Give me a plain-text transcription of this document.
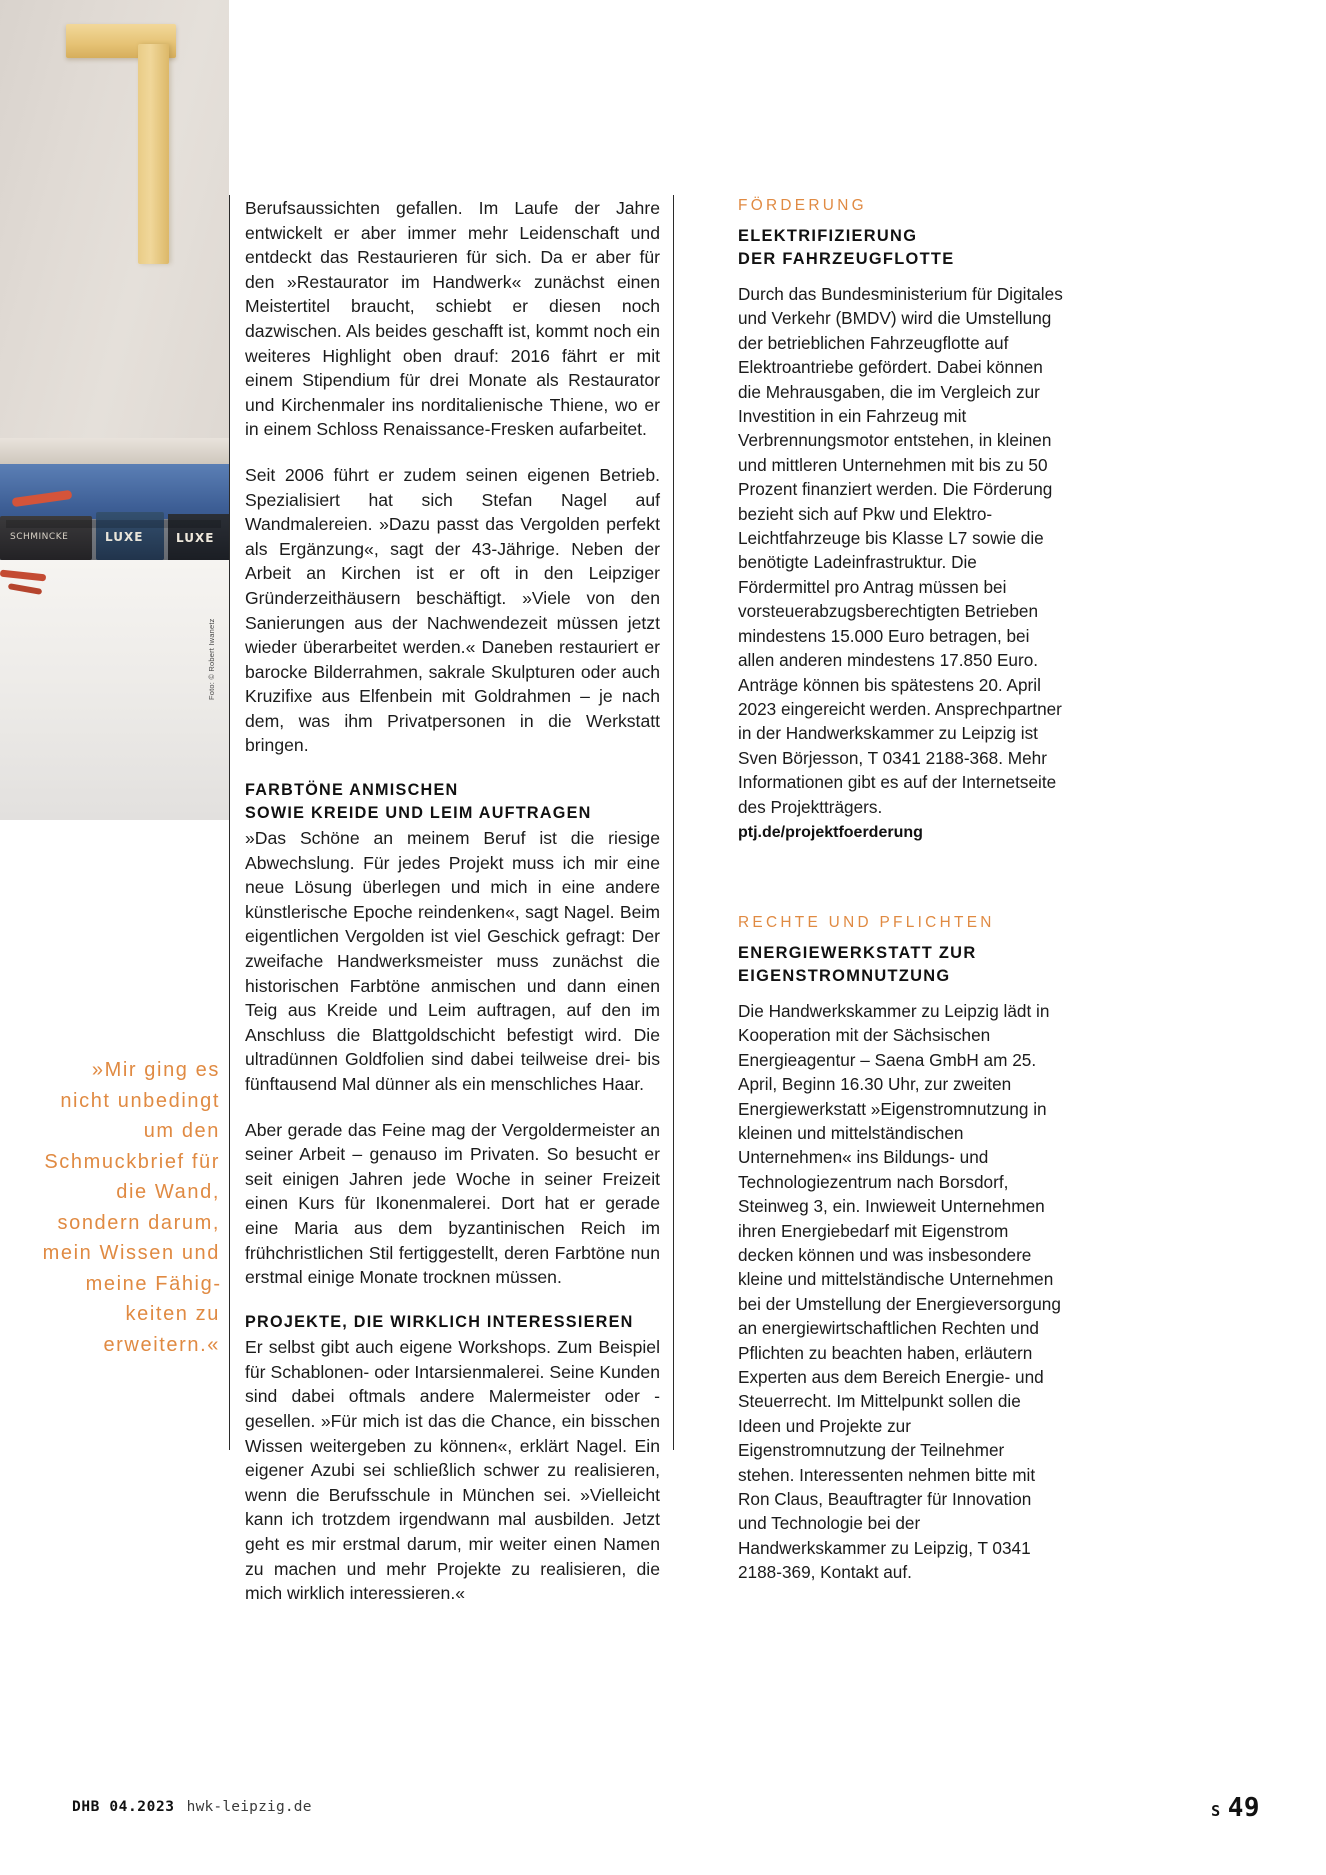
SCHMINCKE	LUXE	LUXE
Foto: © Robert Iwanetz
»Mir ging es nicht unbedingt um den Schmuckbrief für die Wand, sondern darum, mein Wissen und meine Fähigkeiten zu erweitern.«

Berufsaussichten gefallen. Im Laufe der Jahre entwickelt er aber immer mehr Leidenschaft und entdeckt das Restaurieren für sich. Da er aber für den »Restaurator im Handwerk« zunächst einen Meistertitel braucht, schiebt er diesen noch dazwischen. Als beides geschafft ist, kommt noch ein weiteres Highlight oben drauf: 2016 fährt er mit einem Stipendium für drei Monate als Restaurator und Kirchenmaler ins norditalienische Thiene, wo er in einem Schloss Renaissance-Fresken aufarbeitet.

Seit 2006 führt er zudem seinen eigenen Betrieb. Spezialisiert hat sich Stefan Nagel auf Wandmalereien. »Dazu passt das Vergolden perfekt als Ergänzung«, sagt der 43-Jährige. Neben der Arbeit an Kirchen ist er oft in den Leipziger Gründerzeithäusern beschäftigt. »Viele von den Sanierungen aus der Nachwendezeit müssen jetzt wieder überarbeitet werden.« Daneben restauriert er barocke Bilderrahmen, sakrale Skulpturen oder auch Kruzifixe aus Elfenbein mit Goldrahmen – je nach dem, was ihm Privatpersonen in die Werkstatt bringen.

FARBTÖNE ANMISCHEN
SOWIE KREIDE UND LEIM AUFTRAGEN

»Das Schöne an meinem Beruf ist die riesige Abwechslung. Für jedes Projekt muss ich mir eine neue Lösung überlegen und mich in eine andere künstlerische Epoche reindenken«, sagt Nagel. Beim eigentlichen Vergolden ist viel Geschick gefragt: Der zweifache Handwerksmeister muss zunächst die historischen Farbtöne anmischen und dann einen Teig aus Kreide und Leim auftragen, auf den im Anschluss die Blattgoldschicht befestigt wird. Die ultradünnen Goldfolien sind dabei teilweise drei- bis fünftausend Mal dünner als ein menschliches Haar.

Aber gerade das Feine mag der Vergoldermeister an seiner Arbeit – genauso im Privaten. So besucht er seit einigen Jahren jede Woche in seiner Freizeit einen Kurs für Ikonenmalerei. Dort hat er gerade eine Maria aus dem byzantinischen Reich im frühchristlichen Stil fertiggestellt, deren Farbtöne nun erstmal einige Monate trocknen müssen.

PROJEKTE, DIE WIRKLICH INTERESSIEREN

Er selbst gibt auch eigene Workshops. Zum Beispiel für Schablonen- oder Intarsienmalerei. Seine Kunden sind dabei oftmals andere Malermeister oder -gesellen. »Für mich ist das die Chance, ein bisschen Wissen weitergeben zu können«, erklärt Nagel. Ein eigener Azubi sei schließlich schwer zu realisieren, wenn die Berufsschule in München sei. »Vielleicht kann ich trotzdem irgendwann mal ausbilden. Jetzt geht es mir erstmal darum, mir weiter einen Namen zu machen und mehr Projekte zu realisieren, die mich wirklich interessieren.«

FÖRDERUNG
ELEKTRIFIZIERUNG
DER FAHRZEUGFLOTTE

Durch das Bundesministerium für Digitales und Verkehr (BMDV) wird die Umstellung der betrieblichen Fahrzeugflotte auf Elektroantriebe gefördert. Dabei können die Mehrausgaben, die im Vergleich zur Investition in ein Fahrzeug mit Verbrennungsmotor entstehen, in kleinen und mittleren Unternehmen mit bis zu 50 Prozent finanziert werden. Die Förderung bezieht sich auf Pkw und Elektro-Leichtfahrzeuge bis Klasse L7 sowie die benötigte Ladeinfrastruktur. Die Fördermittel pro Antrag müssen bei vorsteuerabzugsberechtigten Betrieben mindestens 15.000 Euro betragen, bei allen anderen mindestens 17.850 Euro. Anträge können bis spätestens 20. April 2023 eingereicht werden. Ansprechpartner in der Handwerkskammer zu Leipzig ist Sven Börjesson, T 0341 2188-368. Mehr Informationen gibt es auf der Internetseite des Projektträgers.

ptj.de/projektfoerderung
RECHTE UND PFLICHTEN
ENERGIEWERKSTATT ZUR
EIGENSTROMNUTZUNG

Die Handwerkskammer zu Leipzig lädt in Kooperation mit der Sächsischen Energieagentur – Saena GmbH am 25. April, Beginn 16.30 Uhr, zur zweiten Energiewerkstatt »Eigenstromnutzung in kleinen und mittelständischen Unternehmen« ins Bildungs- und Technologiezentrum nach Borsdorf, Steinweg 3, ein. Inwieweit Unternehmen ihren Energiebedarf mit Eigenstrom decken können und was insbesondere kleine und mittelständische Unternehmen bei der Umstellung der Energieversorgung an energiewirtschaftlichen Rechten und Pflichten zu beachten haben, erläutern Experten aus dem Bereich Energie- und Steuerrecht. Im Mittelpunkt sollen die Ideen und Projekte zur Eigenstromnutzung der Teilnehmer stehen. Interessenten nehmen bitte mit Ron Claus, Beauftragter für Innovation und Technologie bei der Handwerkskammer zu Leipzig, T 0341 2188-369, Kontakt auf.

DHB 04.2023 hwk-leipzig.de	S 49
